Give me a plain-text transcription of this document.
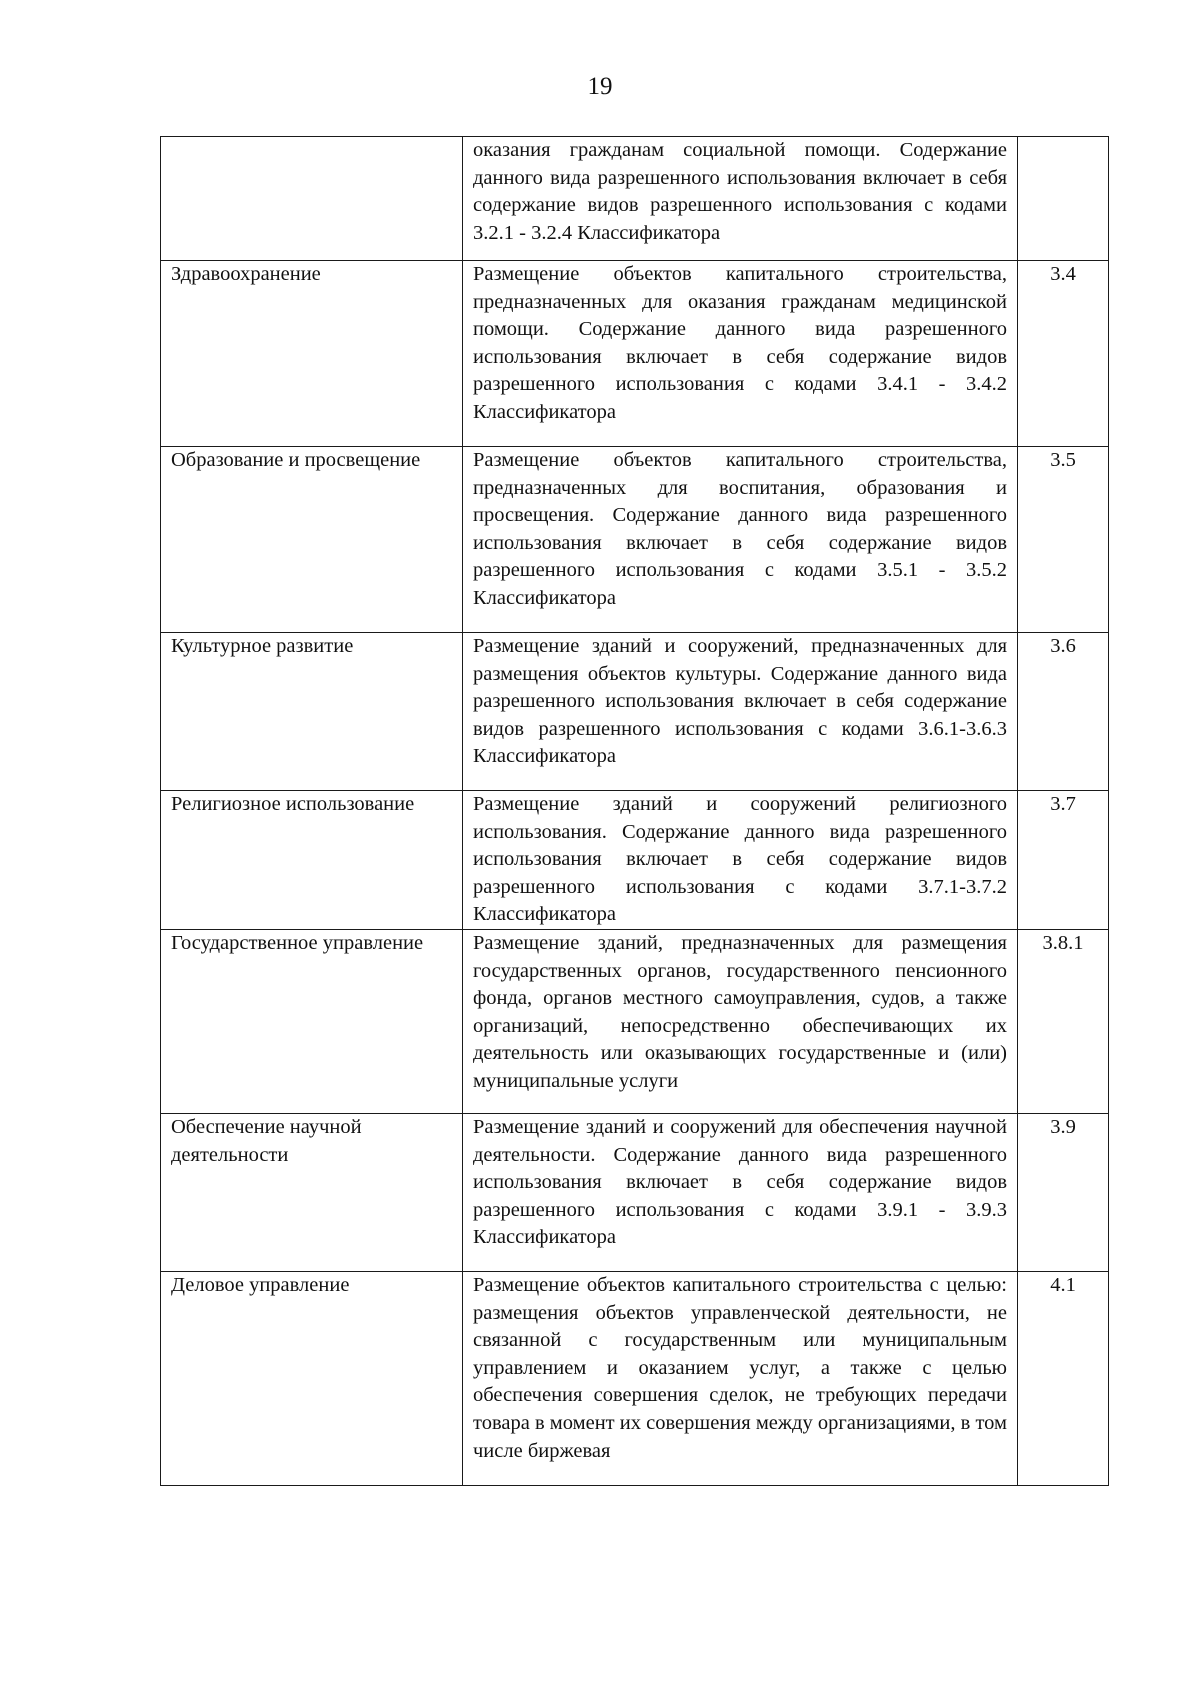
19
	оказания гражданам социальной помощи. Содержание данного вида разрешенного использования включает в себя содержание видов разрешенного использования с кодами 3.2.1 - 3.2.4 Классификатора	
Здравоохранение	Размещение объектов капитального строительства, предназначенных для оказания гражданам медицинской помощи. Содержание данного вида разрешенного использования включает в себя содержание видов разрешенного использования с кодами 3.4.1 - 3.4.2 Классификатора	3.4
Образование и просвещение	Размещение объектов капитального строительства, предназначенных для воспитания, образования и просвещения. Содержание данного вида разрешенного использования включает в себя содержание видов разрешенного использования с кодами 3.5.1 - 3.5.2 Классификатора	3.5
Культурное развитие	Размещение зданий и сооружений, предназначенных для размещения объектов культуры. Содержание данного вида разрешенного использования включает в себя содержание видов разрешенного использования с кодами 3.6.1-3.6.3 Классификатора	3.6
Религиозное использование	Размещение зданий и сооружений религиозного использования. Содержание данного вида разрешенного использования включает в себя содержание видов разрешенного использования с кодами 3.7.1-3.7.2 Классификатора	3.7
Государственное управление	Размещение зданий, предназначенных для размещения государственных органов, государственного пенсионного фонда, органов местного самоуправления, судов, а также организаций, непосредственно обеспечивающих их деятельность или оказывающих государственные и (или) муниципальные услуги	3.8.1
Обеспечение научной деятельности	Размещение зданий и сооружений для обеспечения научной деятельности. Содержание данного вида разрешенного использования включает в себя содержание видов разрешенного использования с кодами 3.9.1 - 3.9.3 Классификатора	3.9
Деловое управление	Размещение объектов капитального строительства с целью: размещения объектов управленческой деятельности, не связанной с государственным или муниципальным управлением и оказанием услуг, а также с целью обеспечения совершения сделок, не требующих передачи товара в момент их совершения между организациями, в том числе биржевая	4.1
